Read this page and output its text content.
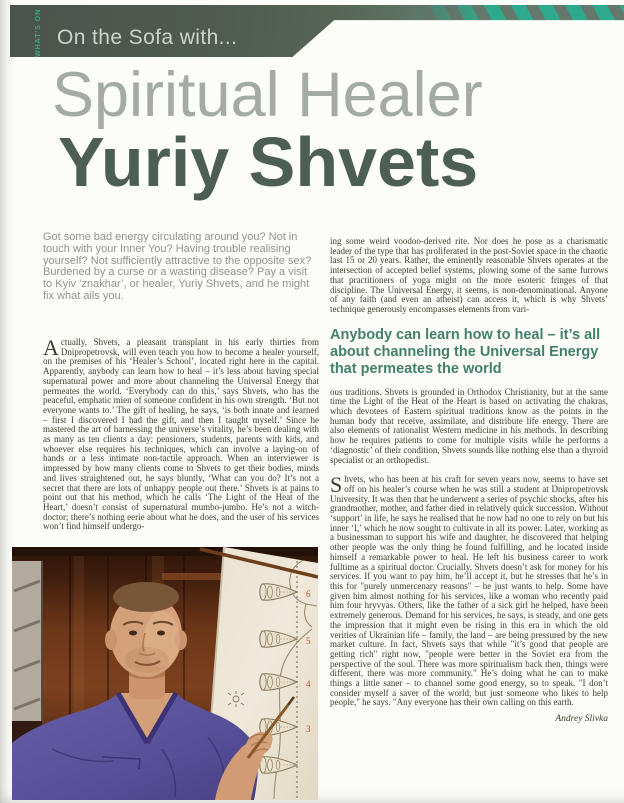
WHAT'S ON On the Sofa with...
Spiritual Healer
Yuriy Shvets
Got some bad energy circulating around you? Not in touch with your Inner You? Having trouble realising yourself? Not sufficiently attractive to the opposite sex? Burdened by a curse or a wasting disease? Pay a visit to Kyiv ‘znakhar’, or healer, Yuriy Shvets, and he might fix what ails you.
Actually, Shvets, a pleasant transplant in his early thirties from Dnipropetrovsk, will even teach you how to become a healer yourself, on the premises of his ‘Healer’s School’, located right here in the capital. Apparently, anybody can learn how to heal – it’s less about having special supernatural power and more about channeling the Universal Energy that permeates the world. ‘Everybody can do this,’ says Shvets, who has the peaceful, emphatic mien of someone confident in his own strength. ‘But not everyone wants to.’ The gift of healing, he says, ‘is both innate and learned – first I discovered I had the gift, and then I taught myself.’ Since he mastered the art of harnessing the universe’s vitality, he’s been dealing with as many as ten clients a day: pensioners, students, parents with kids, and whoever else requires his techniques, which can involve a laying-on of hands or a less intimate non-tactile approach. When an interviewer is impressed by how many clients come to Shvets to get their bodies, minds and lives straightened out, he says bluntly, ‘What can you do? It’s not a secret that there are lots of unhappy people out there.’ Shvets is at pains to point out that his method, which he calls ‘The Light of the Heat of the Heart,’ doesn’t consist of supernatural mumbo-jumbo. He’s not a witch-doctor; there’s nothing eerie about what he does, and the user of his services won’t find himself undergo-
ing some weird voodoo-derived rite. Nor does he pose as a charismatic leader of the type that has proliferated in the post-Soviet space in the chaotic last 15 or 20 years. Rather, the eminently reasonable Shvets operates at the intersection of accepted belief systems, plowing some of the same furrows that practitioners of yoga might on the more esoteric fringes of that discipline. The Universal Energy, it seems, is non-denominational. Anyone of any faith (and even an atheist) can access it, which is why Shvets’ technique generously encompasses elements from vari-
Anybody can learn how to heal – it’s all about channeling the Universal Energy that permeates the world
ous traditions. Shvets is grounded in Orthodox Christianity, but at the same time the Light of the Heat of the Heart is based on activating the chakras, which devotees of Eastern spiritual traditions know as the points in the human body that receive, assimilate, and distribute life energy. There are also elements of rationalist Western medicine in his methods. In describing how he requires patients to come for multiple visits while he performs a ‘diagnostic’ of their condition, Shvets sounds like nothing else than a thyroid specialist or an orthopedist.
Shvets, who has been at his craft for seven years now, seems to have set off on his healer’s course when he was still a student at Dnipropetrovsk University. It was then that he underwent a series of psychic shocks, after his grandmother, mother, and father died in relatively quick succession. Without ‘support’ in life, he says he realised that he now had no one to rely on but his inner ‘I,’ which he now sought to cultivate in all its power. Later, working as a businessman to support his wife and daughter, he discovered that helping other people was the only thing he found fulfilling, and he located inside himself a remarkable power to heal. He left his business career to work fulltime as a spiritual doctor. Crucially, Shvets doesn’t ask for money for his services. If you want to pay him, he’ll accept it, but he stresses that he’s in this for "purely unmercenary reasons" – he just wants to help. Some have given him almost nothing for his services, like a woman who recently paid him four hryvyas. Others, like the father of a sick girl he helped, have been extremely generous. Demand for his services, he says, is steady, and one gets the impression that it might even be rising in this era in which the old verities of Ukrainian life – family, the land – are being pressured by the new market culture. In fact, Shvets says that while "it’s good that people are getting rich" right now, "people were better in the Soviet era from the perspective of the soul. There was more spiritualism back then, things were different, there was more community." He’s doing what he can to make things a little saner – to channel some good energy, so to speak. "I don’t consider myself a saver of the world, but just someone who likes to help people," he says. "Any everyone has their own calling on this earth.
Andrey Slivka
